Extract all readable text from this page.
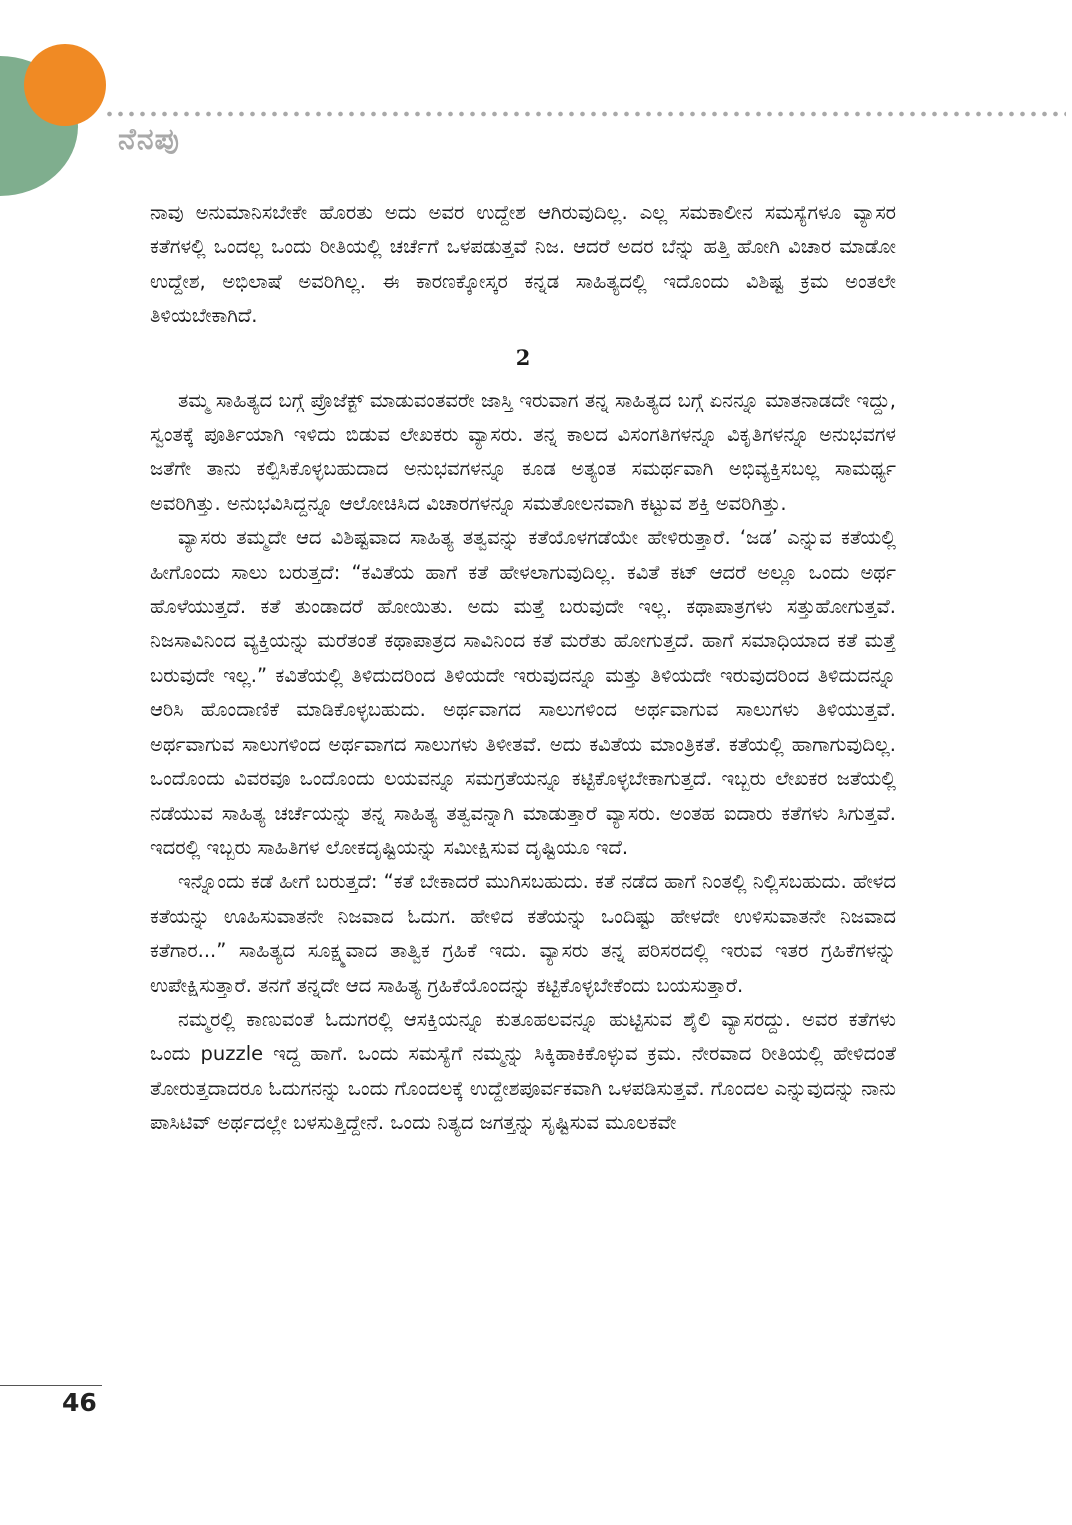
ನೆನಪು

ನಾವು ಅನುಮಾನಿಸಬೇಕೇ ಹೊರತು ಅದು ಅವರ ಉದ್ದೇಶ ಆಗಿರುವುದಿಲ್ಲ. ಎಲ್ಲ ಸಮಕಾಲೀನ ಸಮಸ್ಯೆಗಳೂ ವ್ಯಾಸರ ಕತೆಗಳಲ್ಲಿ ಒಂದಲ್ಲ ಒಂದು ರೀತಿಯಲ್ಲಿ ಚರ್ಚೆಗೆ ಒಳಪಡುತ್ತವೆ ನಿಜ. ಆದರೆ ಅದರ ಬೆನ್ನು ಹತ್ತಿ ಹೋಗಿ ವಿಚಾರ ಮಾಡೋ ಉದ್ದೇಶ, ಅಭಿಲಾಷೆ ಅವರಿಗಿಲ್ಲ. ಈ ಕಾರಣಕ್ಕೋಸ್ಕರ ಕನ್ನಡ ಸಾಹಿತ್ಯದಲ್ಲಿ ಇದೊಂದು ವಿಶಿಷ್ಟ ಕ್ರಮ ಅಂತಲೇ ತಿಳಿಯಬೇಕಾಗಿದೆ.

2

ತಮ್ಮ ಸಾಹಿತ್ಯದ ಬಗ್ಗೆ ಪ್ರೊಜೆಕ್ಟ್ ಮಾಡುವಂತವರೇ ಜಾಸ್ತಿ ಇರುವಾಗ ತನ್ನ ಸಾಹಿತ್ಯದ ಬಗ್ಗೆ ಏನನ್ನೂ ಮಾತನಾಡದೇ ಇದ್ದು, ಸ್ವಂತಕ್ಕೆ ಪೂರ್ತಿಯಾಗಿ ಇಳಿದು ಬಿಡುವ ಲೇಖಕರು ವ್ಯಾಸರು. ತನ್ನ ಕಾಲದ ವಿಸಂಗತಿಗಳನ್ನೂ ವಿಕೃತಿಗಳನ್ನೂ ಅನುಭವಗಳ ಜತೆಗೇ ತಾನು ಕಲ್ಪಿಸಿಕೊಳ್ಳಬಹುದಾದ ಅನುಭವಗಳನ್ನೂ ಕೂಡ ಅತ್ಯಂತ ಸಮರ್ಥವಾಗಿ ಅಭಿವ್ಯಕ್ತಿಸಬಲ್ಲ ಸಾಮರ್ಥ್ಯ ಅವರಿಗಿತ್ತು. ಅನುಭವಿಸಿದ್ದನ್ನೂ ಆಲೋಚಿಸಿದ ವಿಚಾರಗಳನ್ನೂ ಸಮತೋಲನವಾಗಿ ಕಟ್ಟುವ ಶಕ್ತಿ ಅವರಿಗಿತ್ತು.

ವ್ಯಾಸರು ತಮ್ಮದೇ ಆದ ವಿಶಿಷ್ಟವಾದ ಸಾಹಿತ್ಯ ತತ್ವವನ್ನು ಕತೆಯೊಳಗಡೆಯೇ ಹೇಳಿರುತ್ತಾರೆ. ‘ಜಡ’ ಎನ್ನುವ ಕತೆಯಲ್ಲಿ ಹೀಗೊಂದು ಸಾಲು ಬರುತ್ತದೆ: “ಕವಿತೆಯ ಹಾಗೆ ಕತೆ ಹೇಳಲಾಗುವುದಿಲ್ಲ. ಕವಿತೆ ಕಟ್ ಆದರೆ ಅಲ್ಲೂ ಒಂದು ಅರ್ಥ ಹೊಳೆಯುತ್ತದೆ. ಕತೆ ತುಂಡಾದರೆ ಹೋಯಿತು. ಅದು ಮತ್ತೆ ಬರುವುದೇ ಇಲ್ಲ. ಕಥಾಪಾತ್ರಗಳು ಸತ್ತುಹೋಗುತ್ತವೆ. ನಿಜಸಾವಿನಿಂದ ವ್ಯಕ್ತಿಯನ್ನು ಮರೆತಂತೆ ಕಥಾಪಾತ್ರದ ಸಾವಿನಿಂದ ಕತೆ ಮರೆತು ಹೋಗುತ್ತದೆ. ಹಾಗೆ ಸಮಾಧಿಯಾದ ಕತೆ ಮತ್ತೆ ಬರುವುದೇ ಇಲ್ಲ.” ಕವಿತೆಯಲ್ಲಿ ತಿಳಿದುದರಿಂದ ತಿಳಿಯದೇ ಇರುವುದನ್ನೂ ಮತ್ತು ತಿಳಿಯದೇ ಇರುವುದರಿಂದ ತಿಳಿದುದನ್ನೂ ಆರಿಸಿ ಹೊಂದಾಣಿಕೆ ಮಾಡಿಕೊಳ್ಳಬಹುದು. ಅರ್ಥವಾಗದ ಸಾಲುಗಳಿಂದ ಅರ್ಥವಾಗುವ ಸಾಲುಗಳು ತಿಳಿಯುತ್ತವೆ. ಅರ್ಥವಾಗುವ ಸಾಲುಗಳಿಂದ ಅರ್ಥವಾಗದ ಸಾಲುಗಳು ತಿಳೀತವೆ. ಅದು ಕವಿತೆಯ ಮಾಂತ್ರಿಕತೆ. ಕತೆಯಲ್ಲಿ ಹಾಗಾಗುವುದಿಲ್ಲ. ಒಂದೊಂದು ವಿವರವೂ ಒಂದೊಂದು ಲಯವನ್ನೂ ಸಮಗ್ರತೆಯನ್ನೂ ಕಟ್ಟಿಕೊಳ್ಳಬೇಕಾಗುತ್ತದೆ. ಇಬ್ಬರು ಲೇಖಕರ ಜತೆಯಲ್ಲಿ ನಡೆಯುವ ಸಾಹಿತ್ಯ ಚರ್ಚೆಯನ್ನು ತನ್ನ ಸಾಹಿತ್ಯ ತತ್ವವನ್ನಾಗಿ ಮಾಡುತ್ತಾರೆ ವ್ಯಾಸರು. ಅಂತಹ ಐದಾರು ಕತೆಗಳು ಸಿಗುತ್ತವೆ. ಇದರಲ್ಲಿ ಇಬ್ಬರು ಸಾಹಿತಿಗಳ ಲೋಕದೃಷ್ಟಿಯನ್ನು ಸಮೀಕ್ಷಿಸುವ ದೃಷ್ಟಿಯೂ ಇದೆ.

ಇನ್ನೊಂದು ಕಡೆ ಹೀಗೆ ಬರುತ್ತದೆ: “ಕತೆ ಬೇಕಾದರೆ ಮುಗಿಸಬಹುದು. ಕತೆ ನಡೆದ ಹಾಗೆ ನಿಂತಲ್ಲಿ ನಿಲ್ಲಿಸಬಹುದು. ಹೇಳದ ಕತೆಯನ್ನು ಊಹಿಸುವಾತನೇ ನಿಜವಾದ ಓದುಗ. ಹೇಳಿದ ಕತೆಯನ್ನು ಒಂದಿಷ್ಟು ಹೇಳದೇ ಉಳಿಸುವಾತನೇ ನಿಜವಾದ ಕತೆಗಾರ...” ಸಾಹಿತ್ಯದ ಸೂಕ್ಷ್ಮವಾದ ತಾತ್ವಿಕ ಗ್ರಹಿಕೆ ಇದು. ವ್ಯಾಸರು ತನ್ನ ಪರಿಸರದಲ್ಲಿ ಇರುವ ಇತರ ಗ್ರಹಿಕೆಗಳನ್ನು ಉಪೇಕ್ಷಿಸುತ್ತಾರೆ. ತನಗೆ ತನ್ನದೇ ಆದ ಸಾಹಿತ್ಯ ಗ್ರಹಿಕೆಯೊಂದನ್ನು ಕಟ್ಟಿಕೊಳ್ಳಬೇಕೆಂದು ಬಯಸುತ್ತಾರೆ.

ನಮ್ಮರಲ್ಲಿ ಕಾಣುವಂತೆ ಓದುಗರಲ್ಲಿ ಆಸಕ್ತಿಯನ್ನೂ ಕುತೂಹಲವನ್ನೂ ಹುಟ್ಟಿಸುವ ಶೈಲಿ ವ್ಯಾಸರದ್ದು. ಅವರ ಕತೆಗಳು ಒಂದು puzzle ಇದ್ದ ಹಾಗೆ. ಒಂದು ಸಮಸ್ಯೆಗೆ ನಮ್ಮನ್ನು ಸಿಕ್ಕಿಹಾಕಿಕೊಳ್ಳುವ ಕ್ರಮ. ನೇರವಾದ ರೀತಿಯಲ್ಲಿ ಹೇಳಿದಂತೆ ತೋರುತ್ತದಾದರೂ ಓದುಗನನ್ನು ಒಂದು ಗೊಂದಲಕ್ಕೆ ಉದ್ದೇಶಪೂರ್ವಕವಾಗಿ ಒಳಪಡಿಸುತ್ತವೆ. ಗೊಂದಲ ಎನ್ನುವುದನ್ನು ನಾನು ಪಾಸಿಟಿವ್ ಅರ್ಥದಲ್ಲೇ ಬಳಸುತ್ತಿದ್ದೇನೆ. ಒಂದು ನಿತ್ಯದ ಜಗತ್ತನ್ನು ಸೃಷ್ಟಿಸುವ ಮೂಲಕವೇ

46
